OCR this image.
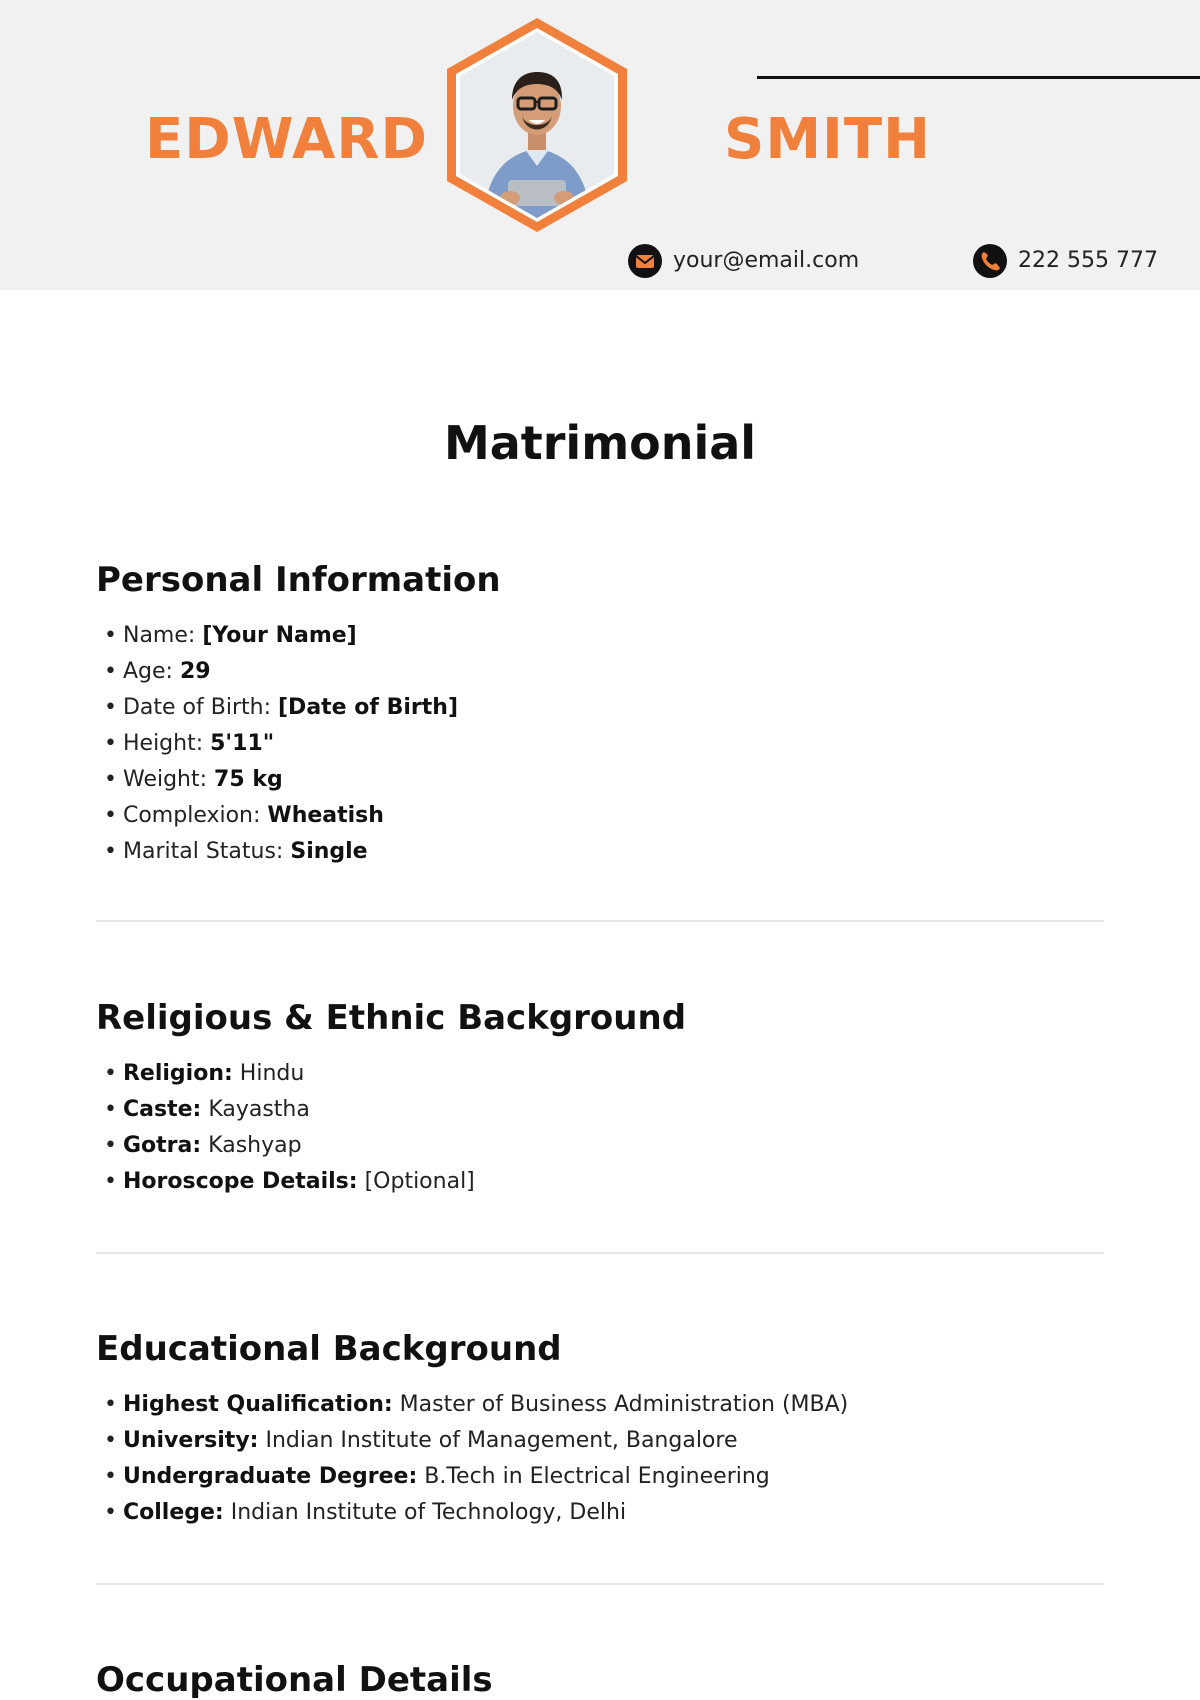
EDWARD	SMITH
your@email.com	222 555 777
Matrimonial
Personal Information
• Name: [Your Name]
• Age: 29
• Date of Birth: [Date of Birth]
• Height: 5'11"
• Weight: 75 kg
• Complexion: Wheatish
• Marital Status: Single
Religious & Ethnic Background
• Religion: Hindu
• Caste: Kayastha
• Gotra: Kashyap
• Horoscope Details: [Optional]
Educational Background
• Highest Qualification: Master of Business Administration (MBA)
• University: Indian Institute of Management, Bangalore
• Undergraduate Degree: B.Tech in Electrical Engineering
• College: Indian Institute of Technology, Delhi
Occupational Details
